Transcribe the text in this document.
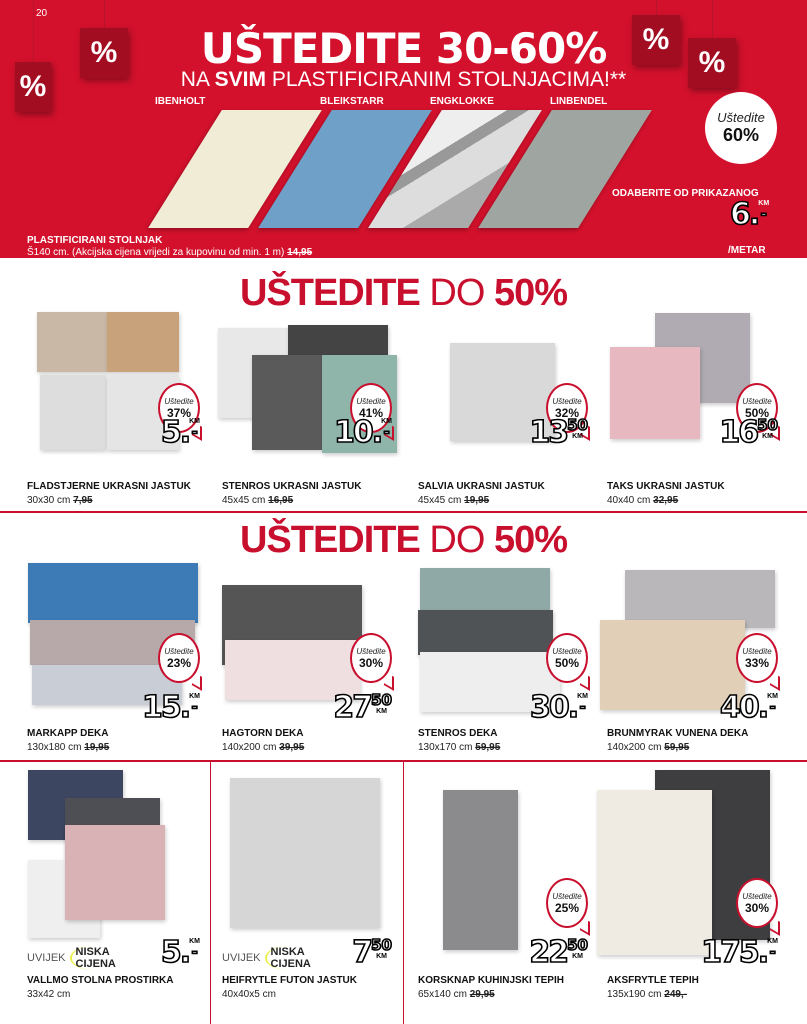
20
%
%	%
%
UŠTEDITE 30-60%
NA SVIM PLASTIFICIRANIM STOLNJACIMA!**
IBENHOLT	BLEIKSTARR	ENGKLOKKE	LINBENDEL
PLASTIFICIRANI STOLNJAK
Š140 cm. (Akcijska cijena vrijedi za kupovinu od min. 1 m) 14,95
Uštedite
60%
ODABERITE OD PRIKAZANOG
6. KM
-
/METAR
UŠTEDITE DO 50%
UŠTEDITE DO 50%
Uštedite
37%
5. KM
-
FLADSTJERNE UKRASNI JASTUK
30x30 cm 7,95
Uštedite
41%
10. KM
-
STENROS UKRASNI JASTUK
45x45 cm 16,95
Uštedite
32%
13 50
KM
SALVIA UKRASNI JASTUK
45x45 cm 19,95
Uštedite
50%
16 50
KM
TAKS UKRASNI JASTUK
40x40 cm 32,95
Uštedite
23%
15. KM
-
MARKAPP DEKA
130x180 cm 19,95
Uštedite
30%
27 50
KM
HAGTORN DEKA
140x200 cm 39,95
Uštedite
50%
30. KM
-
STENROS DEKA
130x170 cm 59,95
Uštedite
33%
40. KM
-
BRUNMYRAK VUNENA DEKA
140x200 cm 59,95
UVIJEK NISKA CIJENA 5. KM
-
VALLMO STOLNA PROSTIRKA
33x42 cm
UVIJEK NISKA CIJENA 7 50
KM
HEIFRYTLE FUTON JASTUK
40x40x5 cm
Uštedite
25%
22 50
KM
KORSKNAP KUHINJSKI TEPIH
65x140 cm 29,95
Uštedite
30%
175. KM
-
AKSFRYTLE TEPIH
135x190 cm 249,-
